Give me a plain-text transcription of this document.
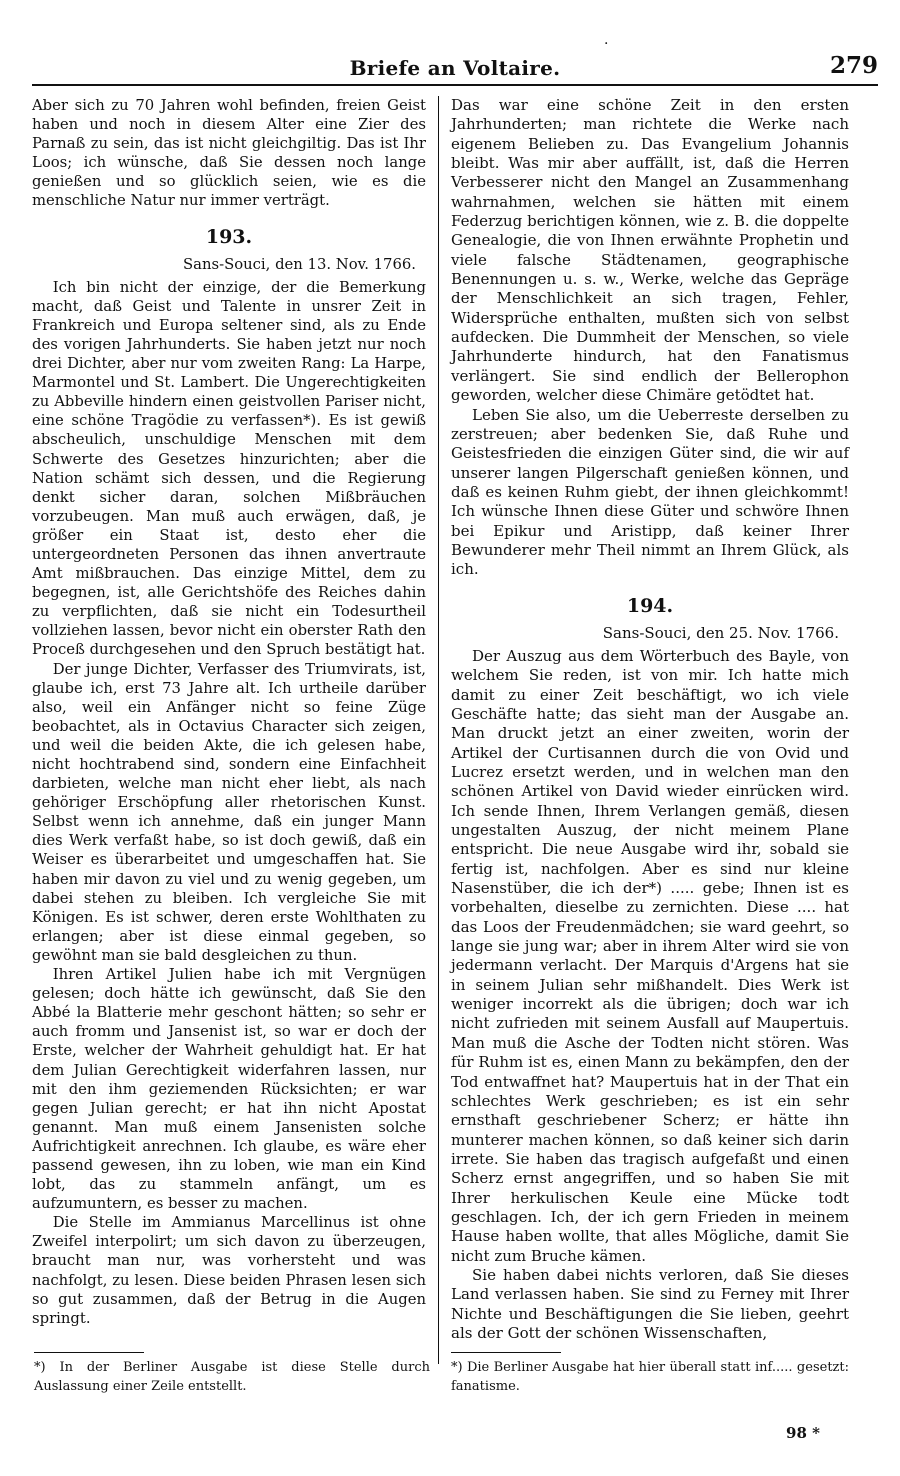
·
Briefe an Voltaire.	279

Aber sich zu 70 Jahren wohl befinden, freien Geist haben und noch in diesem Alter eine Zier des Parnaß zu sein, das ist nicht gleichgiltig. Das ist Ihr Loos; ich wünsche, daß Sie dessen noch lange genießen und so glücklich seien, wie es die menschliche Natur nur immer verträgt.

193.
Sans-Souci, den 13. Nov. 1766.

Ich bin nicht der einzige, der die Bemerkung macht, daß Geist und Talente in unsrer Zeit in Frankreich und Europa seltener sind, als zu Ende des vorigen Jahrhunderts. Sie haben jetzt nur noch drei Dichter, aber nur vom zweiten Rang: La Harpe, Marmontel und St. Lambert. Die Ungerechtigkeiten zu Abbeville hindern einen geistvollen Pariser nicht, eine schöne Tragödie zu verfassen*). Es ist gewiß abscheulich, unschuldige Menschen mit dem Schwerte des Gesetzes hinzurichten; aber die Nation schämt sich dessen, und die Regierung denkt sicher daran, solchen Mißbräuchen vorzubeugen. Man muß auch erwägen, daß, je größer ein Staat ist, desto eher die untergeordneten Personen das ihnen anvertraute Amt mißbrauchen. Das einzige Mittel, dem zu begegnen, ist, alle Gerichtshöfe des Reiches dahin zu verpflichten, daß sie nicht ein Todesurtheil vollziehen lassen, bevor nicht ein oberster Rath den Proceß durchgesehen und den Spruch bestätigt hat.

Der junge Dichter, Verfasser des Triumvirats, ist, glaube ich, erst 73 Jahre alt. Ich urtheile darüber also, weil ein Anfänger nicht so feine Züge beobachtet, als in Octavius Character sich zeigen, und weil die beiden Akte, die ich gelesen habe, nicht hochtrabend sind, sondern eine Einfachheit darbieten, welche man nicht eher liebt, als nach gehöriger Erschöpfung aller rhetorischen Kunst. Selbst wenn ich annehme, daß ein junger Mann dies Werk verfaßt habe, so ist doch gewiß, daß ein Weiser es überarbeitet und umgeschaffen hat. Sie haben mir davon zu viel und zu wenig gegeben, um dabei stehen zu bleiben. Ich vergleiche Sie mit Königen. Es ist schwer, deren erste Wohlthaten zu erlangen; aber ist diese einmal gegeben, so gewöhnt man sie bald desgleichen zu thun.

Ihren Artikel Julien habe ich mit Vergnügen gelesen; doch hätte ich gewünscht, daß Sie den Abbé la Blatterie mehr geschont hätten; so sehr er auch fromm und Jansenist ist, so war er doch der Erste, welcher der Wahrheit gehuldigt hat. Er hat dem Julian Gerechtigkeit widerfahren lassen, nur mit den ihm geziemenden Rücksichten; er war gegen Julian gerecht; er hat ihn nicht Apostat genannt. Man muß einem Jansenisten solche Aufrichtigkeit anrechnen. Ich glaube, es wäre eher passend gewesen, ihn zu loben, wie man ein Kind lobt, das zu stammeln anfängt, um es aufzumuntern, es besser zu machen.

Die Stelle im Ammianus Marcellinus ist ohne Zweifel interpolirt; um sich davon zu überzeugen, braucht man nur, was vorhersteht und was nachfolgt, zu lesen. Diese beiden Phrasen lesen sich so gut zusammen, daß der Betrug in die Augen springt.

Das war eine schöne Zeit in den ersten Jahrhunderten; man richtete die Werke nach eigenem Belieben zu. Das Evangelium Johannis bleibt. Was mir aber auffällt, ist, daß die Herren Verbesserer nicht den Mangel an Zusammenhang wahrnahmen, welchen sie hätten mit einem Federzug berichtigen können, wie z. B. die doppelte Genealogie, die von Ihnen erwähnte Prophetin und viele falsche Städtenamen, geographische Benennungen u. s. w., Werke, welche das Gepräge der Menschlichkeit an sich tragen, Fehler, Widersprüche enthalten, mußten sich von selbst aufdecken. Die Dummheit der Menschen, so viele Jahrhunderte hindurch, hat den Fanatismus verlängert. Sie sind endlich der Bellerophon geworden, welcher diese Chimäre getödtet hat.

Leben Sie also, um die Ueberreste derselben zu zerstreuen; aber bedenken Sie, daß Ruhe und Geistesfrieden die einzigen Güter sind, die wir auf unserer langen Pilgerschaft genießen können, und daß es keinen Ruhm giebt, der ihnen gleichkommt! Ich wünsche Ihnen diese Güter und schwöre Ihnen bei Epikur und Aristipp, daß keiner Ihrer Bewunderer mehr Theil nimmt an Ihrem Glück, als ich.

194.
Sans-Souci, den 25. Nov. 1766.

Der Auszug aus dem Wörterbuch des Bayle, von welchem Sie reden, ist von mir. Ich hatte mich damit zu einer Zeit beschäftigt, wo ich viele Geschäfte hatte; das sieht man der Ausgabe an. Man druckt jetzt an einer zweiten, worin der Artikel der Curtisannen durch die von Ovid und Lucrez ersetzt werden, und in welchen man den schönen Artikel von David wieder einrücken wird. Ich sende Ihnen, Ihrem Verlangen gemäß, diesen ungestalten Auszug, der nicht meinem Plane entspricht. Die neue Ausgabe wird ihr, sobald sie fertig ist, nachfolgen. Aber es sind nur kleine Nasenstüber, die ich der*) ..... gebe; Ihnen ist es vorbehalten, dieselbe zu zernichten. Diese .... hat das Loos der Freudenmädchen; sie ward geehrt, so lange sie jung war; aber in ihrem Alter wird sie von jedermann verlacht. Der Marquis d'Argens hat sie in seinem Julian sehr mißhandelt. Dies Werk ist weniger incorrekt als die übrigen; doch war ich nicht zufrieden mit seinem Ausfall auf Maupertuis. Man muß die Asche der Todten nicht stören. Was für Ruhm ist es, einen Mann zu bekämpfen, den der Tod entwaffnet hat? Maupertuis hat in der That ein schlechtes Werk geschrieben; es ist ein sehr ernsthaft geschriebener Scherz; er hätte ihn munterer machen können, so daß keiner sich darin irrete. Sie haben das tragisch aufgefaßt und einen Scherz ernst angegriffen, und so haben Sie mit Ihrer herkulischen Keule eine Mücke todt geschlagen. Ich, der ich gern Frieden in meinem Hause haben wollte, that alles Mögliche, damit Sie nicht zum Bruche kämen.

Sie haben dabei nichts verloren, daß Sie dieses Land verlassen haben. Sie sind zu Ferney mit Ihrer Nichte und Beschäftigungen die Sie lieben, geehrt als der Gott der schönen Wissenschaften,

*) In der Berliner Ausgabe ist diese Stelle durch Auslassung einer Zeile entstellt.
*) Die Berliner Ausgabe hat hier überall statt inf..... gesetzt: fanatisme.
98 *
